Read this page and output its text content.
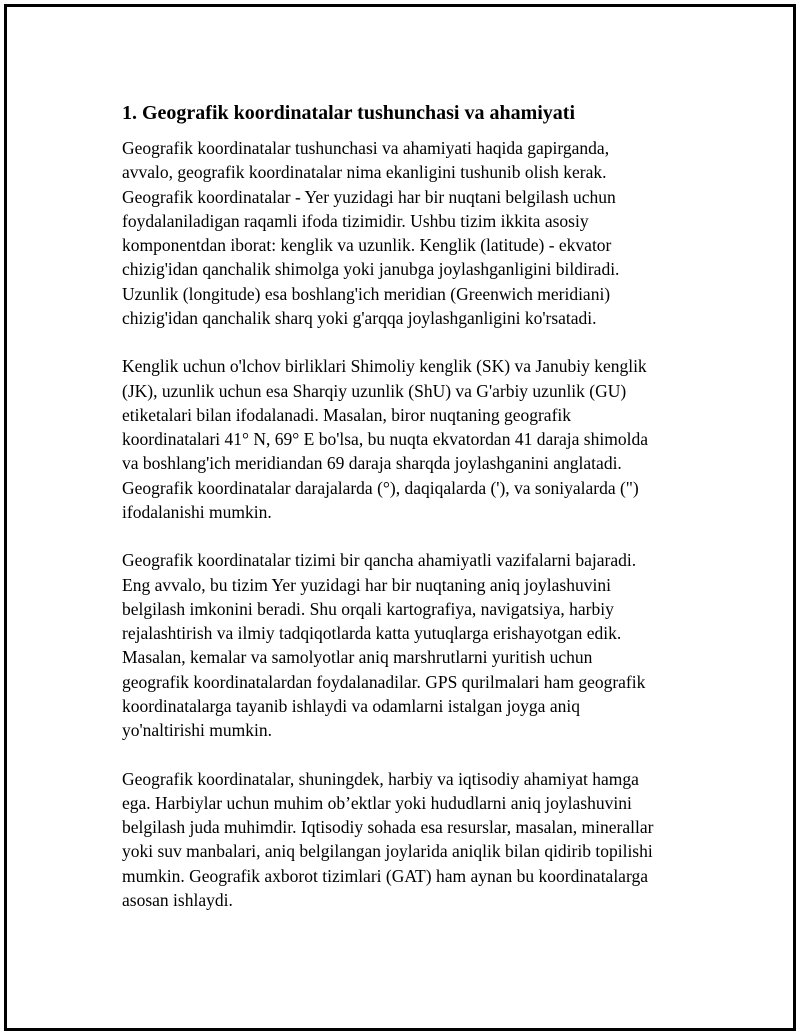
1. Geografik koordinatalar tushunchasi va ahamiyati

Geografik koordinatalar tushunchasi va ahamiyati haqida gapirganda,
avvalo, geografik koordinatalar nima ekanligini tushunib olish kerak.
Geografik koordinatalar - Yer yuzidagi har bir nuqtani belgilash uchun
foydalaniladigan raqamli ifoda tizimidir. Ushbu tizim ikkita asosiy
komponentdan iborat: kenglik va uzunlik. Kenglik (latitude) - ekvator
chizig'idan qanchalik shimolga yoki janubga joylashganligini bildiradi.
Uzunlik (longitude) esa boshlang'ich meridian (Greenwich meridiani)
chizig'idan qanchalik sharq yoki g'arqqa joylashganligini ko'rsatadi.

Kenglik uchun o'lchov birliklari Shimoliy kenglik (SK) va Janubiy kenglik
(JK), uzunlik uchun esa Sharqiy uzunlik (ShU) va G'arbiy uzunlik (GU)
etiketalari bilan ifodalanadi. Masalan, biror nuqtaning geografik
koordinatalari 41° N, 69° E bo'lsa, bu nuqta ekvatordan 41 daraja shimolda
va boshlang'ich meridiandan 69 daraja sharqda joylashganini anglatadi.
Geografik koordinatalar darajalarda (°), daqiqalarda ('), va soniyalarda (")
ifodalanishi mumkin.

Geografik koordinatalar tizimi bir qancha ahamiyatli vazifalarni bajaradi.
Eng avvalo, bu tizim Yer yuzidagi har bir nuqtaning aniq joylashuvini
belgilash imkonini beradi. Shu orqali kartografiya, navigatsiya, harbiy
rejalashtirish va ilmiy tadqiqotlarda katta yutuqlarga erishayotgan edik.
Masalan, kemalar va samolyotlar aniq marshrutlarni yuritish uchun
geografik koordinatalardan foydalanadilar. GPS qurilmalari ham geografik
koordinatalarga tayanib ishlaydi va odamlarni istalgan joyga aniq
yo'naltirishi mumkin.

Geografik koordinatalar, shuningdek, harbiy va iqtisodiy ahamiyat hamga
ega. Harbiylar uchun muhim ob’ektlar yoki hududlarni aniq joylashuvini
belgilash juda muhimdir. Iqtisodiy sohada esa resurslar, masalan, minerallar
yoki suv manbalari, aniq belgilangan joylarida aniqlik bilan qidirib topilishi
mumkin. Geografik axborot tizimlari (GAT) ham aynan bu koordinatalarga
asosan ishlaydi.
